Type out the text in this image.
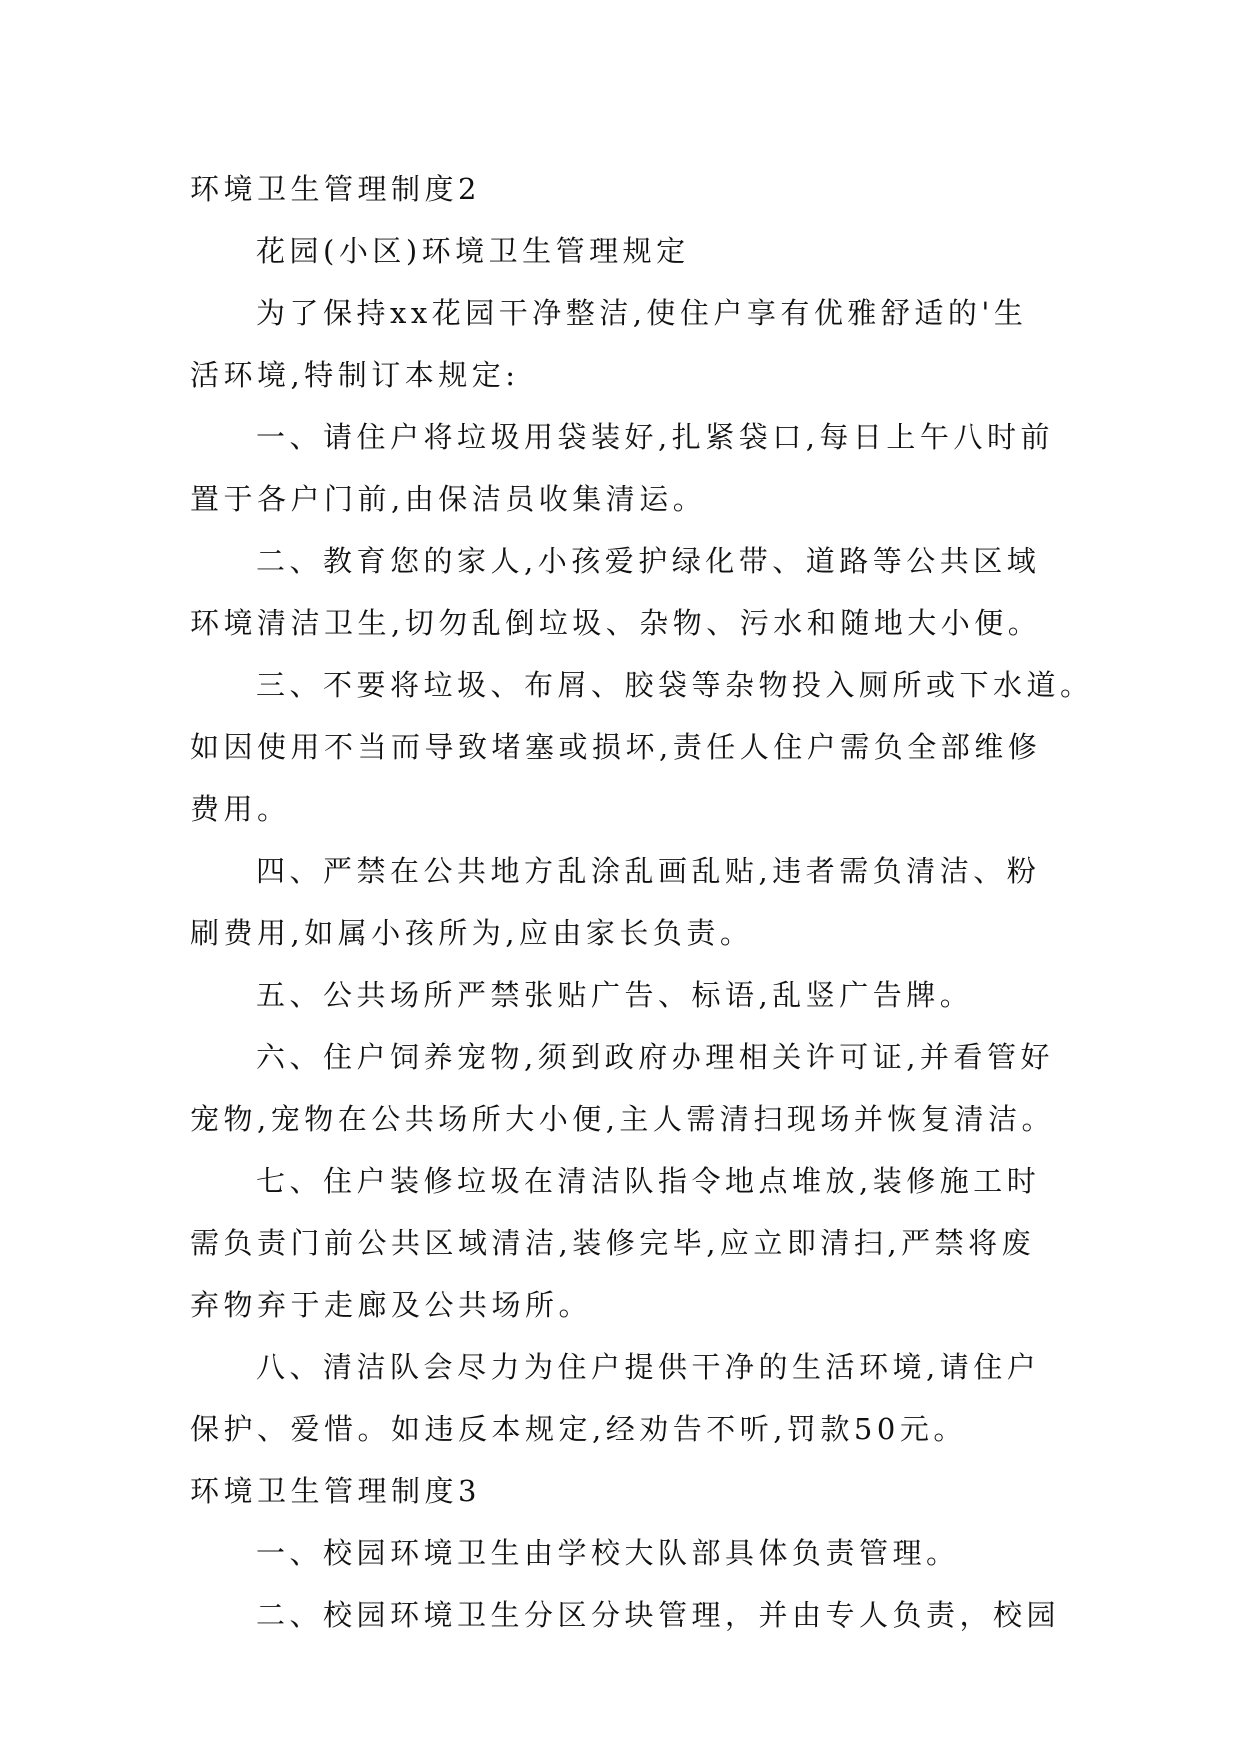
环境卫生管理制度2

花园(小区)环境卫生管理规定

为了保持xx花园干净整洁,使住户享有优雅舒适的'生

活环境,特制订本规定:

一、请住户将垃圾用袋装好,扎紧袋口,每日上午八时前

置于各户门前,由保洁员收集清运。

二、教育您的家人,小孩爱护绿化带、道路等公共区域

环境清洁卫生,切勿乱倒垃圾、杂物、污水和随地大小便。

三、不要将垃圾、布屑、胶袋等杂物投入厕所或下水道。

如因使用不当而导致堵塞或损坏,责任人住户需负全部维修

费用。

四、严禁在公共地方乱涂乱画乱贴,违者需负清洁、粉

刷费用,如属小孩所为,应由家长负责。

五、公共场所严禁张贴广告、标语,乱竖广告牌。

六、住户饲养宠物,须到政府办理相关许可证,并看管好

宠物,宠物在公共场所大小便,主人需清扫现场并恢复清洁。

七、住户装修垃圾在清洁队指令地点堆放,装修施工时

需负责门前公共区域清洁,装修完毕,应立即清扫,严禁将废

弃物弃于走廊及公共场所。

八、清洁队会尽力为住户提供干净的生活环境,请住户

保护、爱惜。如违反本规定,经劝告不听,罚款50元。

环境卫生管理制度3

一、校园环境卫生由学校大队部具体负责管理。

二、校园环境卫生分区分块管理，并由专人负责，校园
